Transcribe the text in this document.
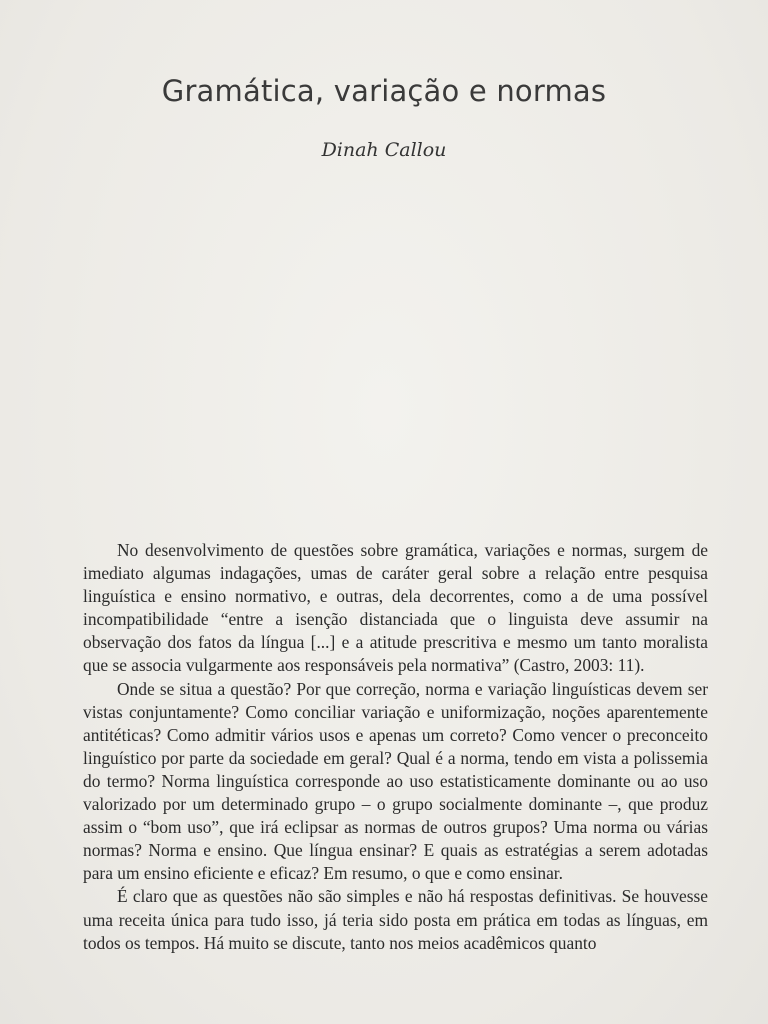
Gramática, variação e normas
Dinah Callou

No desenvolvimento de questões sobre gramática, variações e normas, surgem de imediato algumas indagações, umas de caráter geral sobre a relação entre pesquisa linguística e ensino normativo, e outras, dela decorrentes, como a de uma possível incompatibilidade “entre a isenção distanciada que o linguista deve assumir na observação dos fatos da língua [...] e a atitude prescritiva e mesmo um tanto moralista que se associa vulgarmente aos responsáveis pela normativa” (Castro, 2003: 11).

Onde se situa a questão? Por que correção, norma e variação linguísticas devem ser vistas conjuntamente? Como conciliar variação e uniformização, noções aparentemente antitéticas? Como admitir vários usos e apenas um correto? Como vencer o preconceito linguístico por parte da sociedade em geral? Qual é a norma, tendo em vista a polissemia do termo? Norma linguística corresponde ao uso estatisticamente dominante ou ao uso valorizado por um determinado grupo – o grupo socialmente dominante –, que produz assim o “bom uso”, que irá eclipsar as normas de outros grupos? Uma norma ou várias normas? Norma e ensino. Que língua ensinar? E quais as estratégias a serem adotadas para um ensino eficiente e eficaz? Em resumo, o que e como ensinar.

É claro que as questões não são simples e não há respostas definitivas. Se houvesse uma receita única para tudo isso, já teria sido posta em prática em todas as línguas, em todos os tempos. Há muito se discute, tanto nos meios acadêmicos quanto
